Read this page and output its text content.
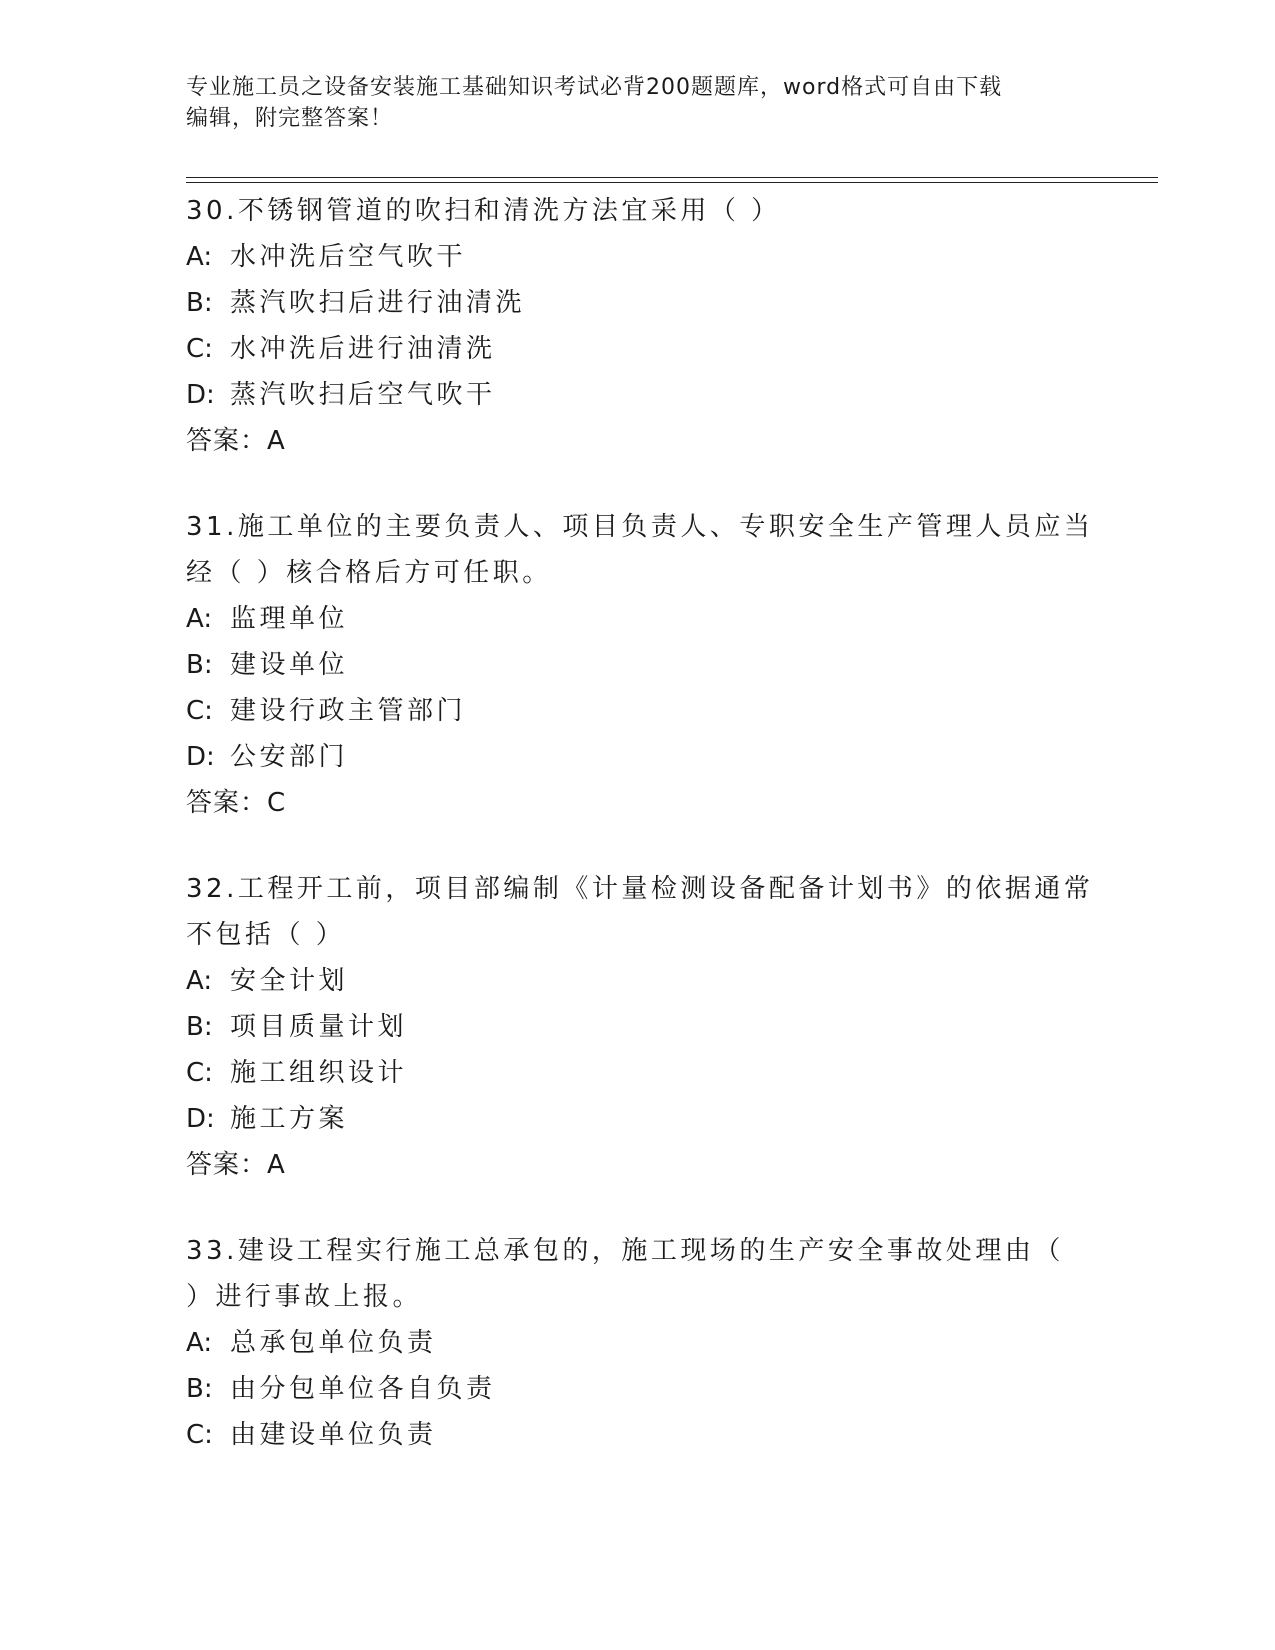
专业施工员之设备安装施工基础知识考试必背200题题库，word格式可自由下载
编辑，附完整答案！
30.不锈钢管道的吹扫和清洗方法宜采用（ ）
A: 水冲洗后空气吹干
B: 蒸汽吹扫后进行油清洗
C: 水冲洗后进行油清洗
D: 蒸汽吹扫后空气吹干
答案：A
31.施工单位的主要负责人、项目负责人、专职安全生产管理人员应当
经（ ）核合格后方可任职。
A: 监理单位
B: 建设单位
C: 建设行政主管部门
D: 公安部门
答案：C
32.工程开工前，项目部编制《计量检测设备配备计划书》的依据通常
不包括（ ）
A: 安全计划
B: 项目质量计划
C: 施工组织设计
D: 施工方案
答案：A
33.建设工程实行施工总承包的，施工现场的生产安全事故处理由（
）进行事故上报。
A: 总承包单位负责
B: 由分包单位各自负责
C: 由建设单位负责
